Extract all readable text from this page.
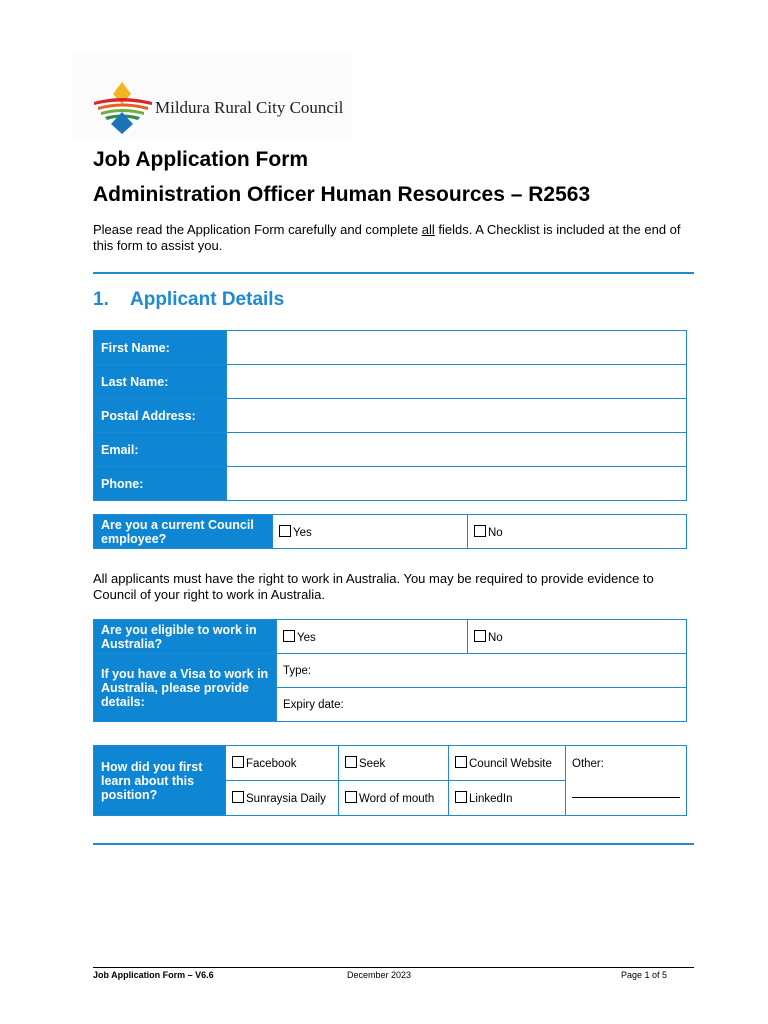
Mildura Rural City Council
Job Application Form
Administration Officer Human Resources – R2563
Please read the Application Form carefully and complete all fields. A Checklist is included at the end of this form to assist you.
1. Applicant Details
First Name:	
Last Name:	
Postal Address:	
Email:	
Phone:	
Are you a current Council employee?	Yes	No
All applicants must have the right to work in Australia. You may be required to provide evidence to Council of your right to work in Australia.
Are you eligible to work in Australia?	Yes	No
If you have a Visa to work in Australia, please provide details:	Type:	
	Expiry date:	
How did you first learn about this position?	Facebook	Seek	Council Website	Other:
	Sunraysia Daily	Word of mouth	LinkedIn	
Job Application Form – V6.6	December 2023	Page 1 of 5
